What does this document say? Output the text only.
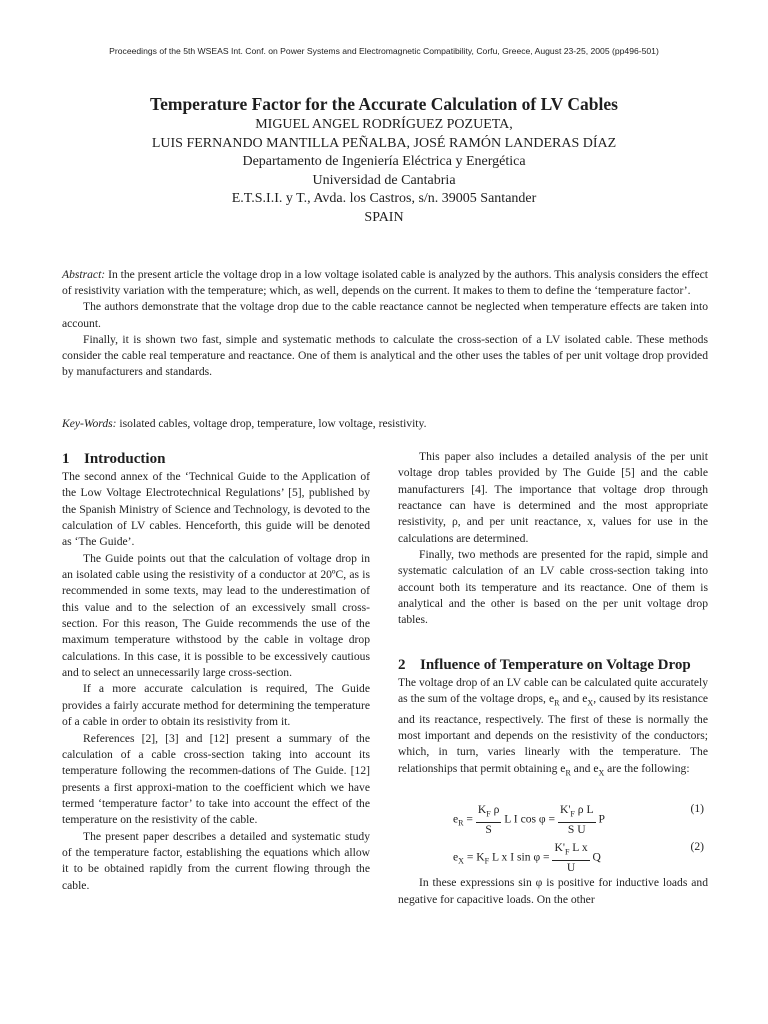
Proceedings of the 5th WSEAS Int. Conf. on Power Systems and Electromagnetic Compatibility, Corfu, Greece, August 23-25, 2005 (pp496-501)
Temperature Factor for the Accurate Calculation of LV Cables
MIGUEL ANGEL RODRÍGUEZ POZUETA,
LUIS FERNANDO MANTILLA PEÑALBA, JOSÉ RAMÓN LANDERAS DÍAZ
Departamento de Ingeniería Eléctrica y Energética
Universidad de Cantabria
E.T.S.I.I. y T., Avda. los Castros, s/n. 39005 Santander
SPAIN

Abstract: In the present article the voltage drop in a low voltage isolated cable is analyzed by the authors. This analysis considers the effect of resistivity variation with the temperature; which, as well, depends on the current. It makes to them to define the ‘temperature factor’.

The authors demonstrate that the voltage drop due to the cable reactance cannot be neglected when temperature effects are taken into account.

Finally, it is shown two fast, simple and systematic methods to calculate the cross-section of a LV isolated cable. These methods consider the cable real temperature and reactance. One of them is analytical and the other uses the tables of per unit voltage drop provided by manufacturers and standards.

Key-Words: isolated cables, voltage drop, temperature, low voltage, resistivity.
1 Introduction

The second annex of the ‘Technical Guide to the Application of the Low Voltage Electrotechnical Regulations’ [5], published by the Spanish Ministry of Science and Technology, is devoted to the calculation of LV cables. Henceforth, this guide will be denoted as ‘The Guide’.

The Guide points out that the calculation of voltage drop in an isolated cable using the resistivity of a conductor at 20ºC, as is recommended in some texts, may lead to the underestimation of this value and to the selection of an excessively small cross-section. For this reason, The Guide recommends the use of the maximum temperature withstood by the cable in voltage drop calculations. In this case, it is possible to be excessively cautious and to select an unnecessarily large cross-section.

If a more accurate calculation is required, The Guide provides a fairly accurate method for determining the temperature of a cable in order to obtain its resistivity from it.

References [2], [3] and [12] present a summary of the calculation of a cable cross-section taking into account its temperature following the recommen-dations of The Guide. [12] presents a first approxi-mation to the coefficient which we have termed ‘temperature factor’ to take into account the effect of the temperature on the resistivity of the cable.

The present paper describes a detailed and systematic study of the temperature factor, establishing the equations which allow it to be obtained rapidly from the current flowing through the cable.

This paper also includes a detailed analysis of the per unit voltage drop tables provided by The Guide [5] and the cable manufacturers [4]. The importance that voltage drop through reactance can have is determined and the most appropriate resistivity, ρ, and per unit reactance, x, values for use in the calculations are determined.

Finally, two methods are presented for the rapid, simple and systematic calculation of an LV cable cross-section taking into account both its temperature and its reactance. One of them is analytical and the other is based on the per unit voltage drop tables.

2 Influence of Temperature on Voltage Drop

The voltage drop of an LV cable can be calculated quite accurately as the sum of the voltage drops, $e_R$ and $e_X$, caused by its resistance and its reactance, respectively. The first of these is normally the most important and depends on the resistivity of the conductors; which, in turn, varies linearly with the temperature. The relationships that permit obtaining $e_R$ and $e_X$ are the following:

$e_R = \frac{K_F \rho}{S}$ L I $\cos \varphi = \frac{K'_F \rho L}{\text{S U}}$ P
(1)
$e_X = K_F$ L x I $\sin \varphi = \frac{K'_F L x}{U}$ Q
(2)

In these expressions sin φ is positive for inductive loads and negative for capacitive loads. On the other
